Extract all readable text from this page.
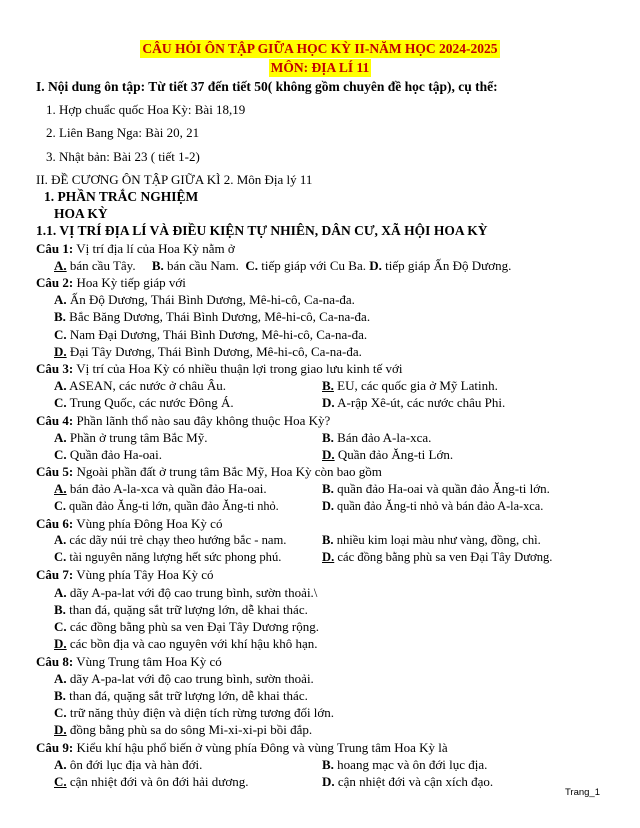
CÂU HỎI ÔN TẬP GIỮA HỌC KỲ II-NĂM HỌC 2024-2025
MÔN: ĐỊA LÍ 11
I. Nội dung ôn tập: Từ tiết 37 đến tiết 50( không gồm chuyên đề học tập), cụ thể:
1. Hợp chuẩc quốc Hoa Kỳ: Bài 18,19
2. Liên Bang Nga: Bài 20, 21
3. Nhật bản: Bài 23 ( tiết 1-2)
II. ĐỀ CƯƠNG ÔN TẬP GIỮA KÌ 2. Môn Địa lý 11
1. PHẦN TRẮC NGHIỆM
HOA KỲ
1.1. VỊ TRÍ ĐỊA LÍ VÀ ĐIỀU KIỆN TỰ NHIÊN, DÂN CƯ, XÃ HỘI HOA KỲ
Câu 1: Vị trí địa lí của Hoa Kỳ nằm ở
A. bán cầu Tây. B. bán cầu Nam. C. tiếp giáp với Cu Ba. D. tiếp giáp Ấn Độ Dương.
Câu 2: Hoa Kỳ tiếp giáp với
A. Ấn Độ Dương, Thái Bình Dương, Mê-hi-cô, Ca-na-đa.
B. Bắc Băng Dương, Thái Bình Dương, Mê-hi-cô, Ca-na-đa.
C. Nam Đại Dương, Thái Bình Dương, Mê-hi-cô, Ca-na-đa.
D. Đại Tây Dương, Thái Bình Dương, Mê-hi-cô, Ca-na-đa.
Câu 3: Vị trí của Hoa Kỳ có nhiều thuận lợi trong giao lưu kinh tế với
A. ASEAN, các nước ở châu Âu.	B. EU, các quốc gia ở Mỹ Latinh.
C. Trung Quốc, các nước Đông Á.	D. A-rập Xê-út, các nước châu Phi.
Câu 4: Phần lãnh thổ nào sau đây không thuộc Hoa Kỳ?
A. Phần ở trung tâm Bắc Mỹ.	B. Bán đảo A-la-xca.
C. Quần đảo Ha-oai.	D. Quần đảo Ăng-ti Lớn.
Câu 5: Ngoài phần đất ở trung tâm Bắc Mỹ, Hoa Kỳ còn bao gồm
A. bán đảo A-la-xca và quần đảo Ha-oai.	B. quần đảo Ha-oai và quần đảo Ăng-ti lớn.
C. quần đảo Ăng-ti lớn, quần đảo Ăng-ti nhỏ.	D. quần đảo Ăng-ti nhỏ và bán đảo A-la-xca.
Câu 6: Vùng phía Đông Hoa Kỳ có
A. các dãy núi trẻ chạy theo hướng bắc - nam.	B. nhiều kim loại màu như vàng, đồng, chì.
C. tài nguyên năng lượng hết sức phong phú.	D. các đồng bằng phù sa ven Đại Tây Dương.
Câu 7: Vùng phía Tây Hoa Kỳ có
A. dãy A-pa-lat với độ cao trung bình, sườn thoải.\
B. than đá, quặng sắt trữ lượng lớn, dễ khai thác.
C. các đồng bằng phù sa ven Đại Tây Dương rộng.
D. các bồn địa và cao nguyên với khí hậu khô hạn.
Câu 8: Vùng Trung tâm Hoa Kỳ có
A. dãy A-pa-lat với độ cao trung bình, sườn thoải.
B. than đá, quặng sắt trữ lượng lớn, dễ khai thác.
C. trữ năng thủy điện và diện tích rừng tương đối lớn.
D. đồng bằng phù sa do sông Mi-xi-xi-pi bồi đắp.
Câu 9: Kiểu khí hậu phổ biến ở vùng phía Đông và vùng Trung tâm Hoa Kỳ là
A. ôn đới lục địa và hàn đới.	B. hoang mạc và ôn đới lục địa.
C. cận nhiệt đới và ôn đới hải dương.	D. cận nhiệt đới và cận xích đạo.
Trang_1
